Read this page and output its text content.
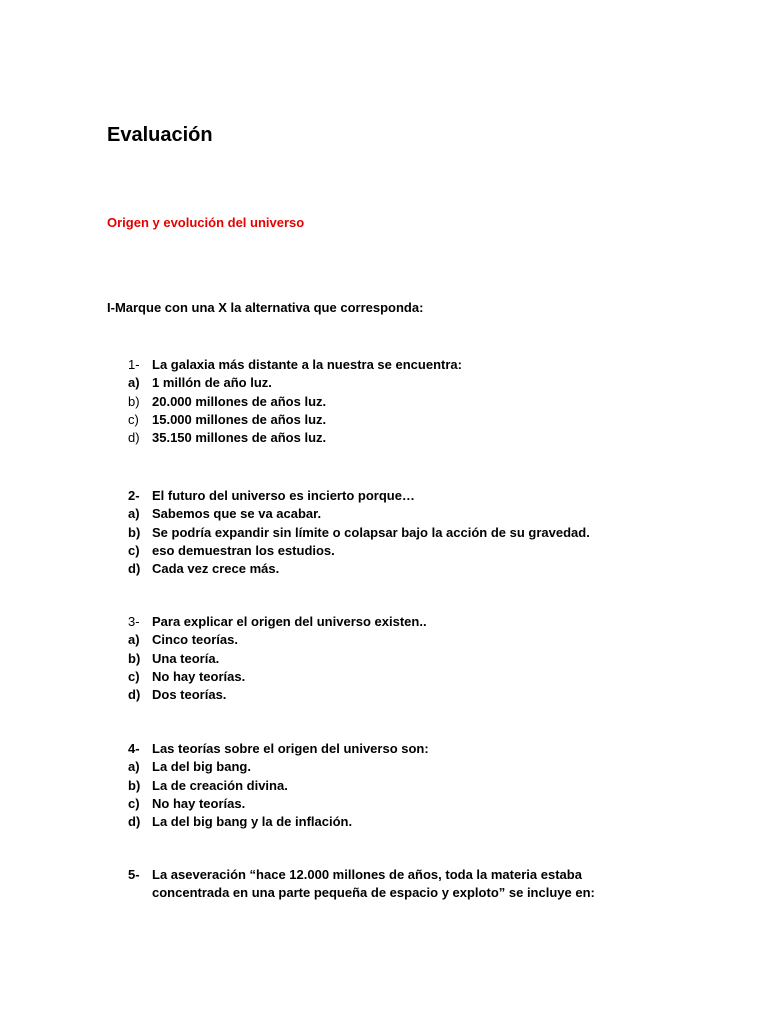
Evaluación
Origen y evolución del universo
I-Marque con una X la alternativa que corresponda:
1- La galaxia más distante a la nuestra se encuentra:
a) 1 millón de año luz.
b) 20.000 millones de años luz.
c) 15.000 millones de años luz.
d) 35.150 millones de años luz.
2- El futuro del universo es incierto porque…
a) Sabemos que se va acabar.
b) Se podría expandir sin límite o colapsar bajo la acción de su gravedad.
c) eso demuestran los estudios.
d) Cada vez crece más.
3- Para explicar el origen del universo existen..
a) Cinco teorías.
b) Una teoría.
c) No hay teorías.
d) Dos teorías.
4- Las teorías sobre el origen del universo son:
a) La del big bang.
b) La de creación divina.
c) No hay teorías.
d) La del big bang y la de inflación.
5- La aseveración “hace 12.000 millones de años, toda la materia estaba concentrada en una parte pequeña de espacio y exploto” se incluye en:
